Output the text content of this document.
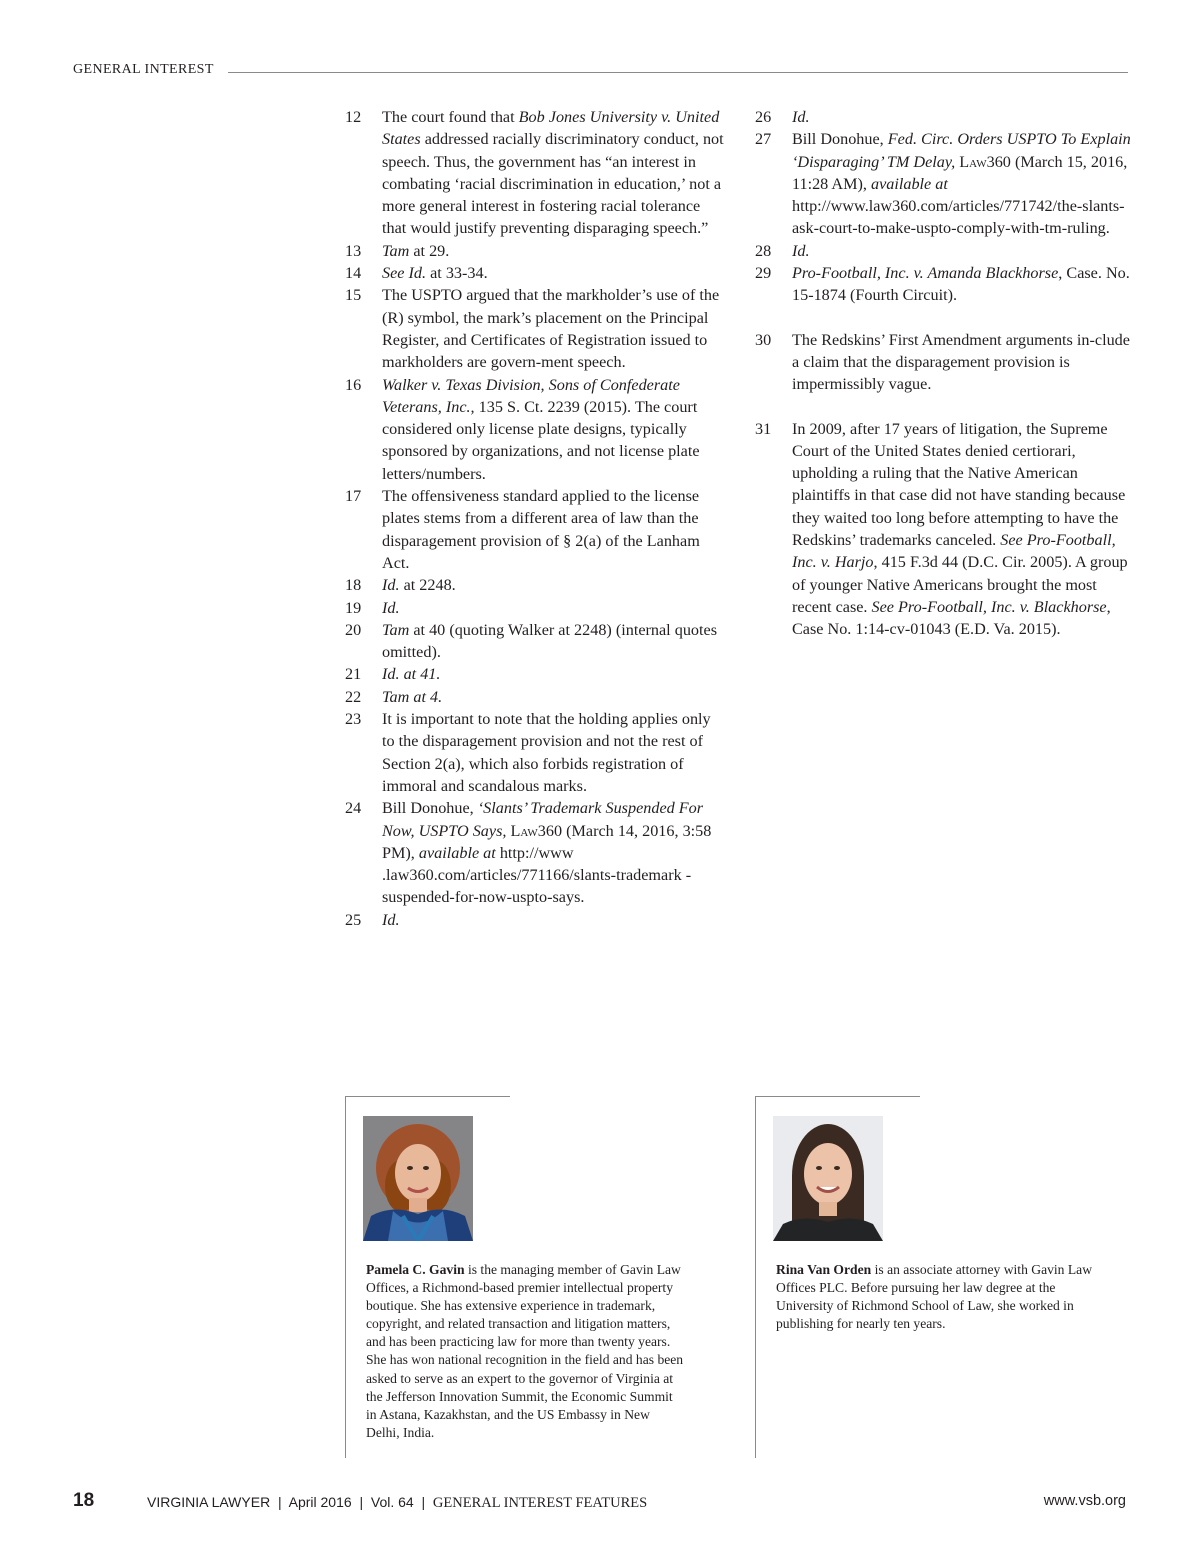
GENERAL INTEREST
12	The court found that Bob Jones University v. United States addressed racially discriminatory conduct, not speech. Thus, the government has “an interest in combating ‘racial discrimination in education,’ not a more general interest in fostering racial tolerance that would justify preventing disparaging speech.”
13	Tam at 29.
14	See Id. at 33-34.
15	The USPTO argued that the markholder’s use of the (R) symbol, the mark’s placement on the Principal Register, and Certificates of Registration issued to markholders are govern-ment speech.
16	Walker v. Texas Division, Sons of Confederate Veterans, Inc., 135 S. Ct. 2239 (2015). The court considered only license plate designs, typically sponsored by organizations, and not license plate letters/numbers.
17	The offensiveness standard applied to the license plates stems from a different area of law than the disparagement provision of § 2(a) of the Lanham Act.
18	Id. at 2248.
19	Id.
20	Tam at 40 (quoting Walker at 2248) (internal quotes omitted).
21	Id. at 41.
22	Tam at 4.
23	It is important to note that the holding applies only to the disparagement provision and not the rest of Section 2(a), which also forbids registration of immoral and scandalous marks.
24	Bill Donohue, ‘Slants’ Trademark Suspended For Now, USPTO Says, Law360 (March 14, 2016, 3:58 PM), available at http://www .law360.com/articles/771166/slants-trademark -suspended-for-now-uspto-says.
25	Id.
26	Id.
27	Bill Donohue, Fed. Circ. Orders USPTO To Explain ‘Disparaging’ TM Delay, Law360 (March 15, 2016, 11:28 AM), available at http://www.law360.com/articles/771742/the-slants-ask-court-to-make-uspto-comply-with-tm-ruling.
28	Id.
29	Pro-Football, Inc. v. Amanda Blackhorse, Case. No. 15-1874 (Fourth Circuit).
30	The Redskins’ First Amendment arguments in-clude a claim that the disparagement provision is impermissibly vague.
31	In 2009, after 17 years of litigation, the Supreme Court of the United States denied certiorari, upholding a ruling that the Native American plaintiffs in that case did not have standing because they waited too long before attempting to have the Redskins’ trademarks canceled. See Pro-Football, Inc. v. Harjo, 415 F.3d 44 (D.C. Cir. 2005). A group of younger Native Americans brought the most recent case. See Pro-Football, Inc. v. Blackhorse, Case No. 1:14-cv-01043 (E.D. Va. 2015).
Pamela C. Gavin is the managing member of Gavin Law Offices, a Richmond-based premier intellectual property boutique. She has extensive experience in trademark, copyright, and related transaction and litigation matters, and has been practicing law for more than twenty years. She has won national recognition in the field and has been asked to serve as an expert to the governor of Virginia at the Jefferson Innovation Summit, the Economic Summit in Astana, Kazakhstan, and the US Embassy in New Delhi, India.
Rina Van Orden is an associate attorney with Gavin Law Offices PLC. Before pursuing her law degree at the University of Richmond School of Law, she worked in publishing for nearly ten years.
18	VIRGINIA LAWYER | April 2016 | Vol. 64 | GENERAL INTEREST FEATURES	www.vsb.org
